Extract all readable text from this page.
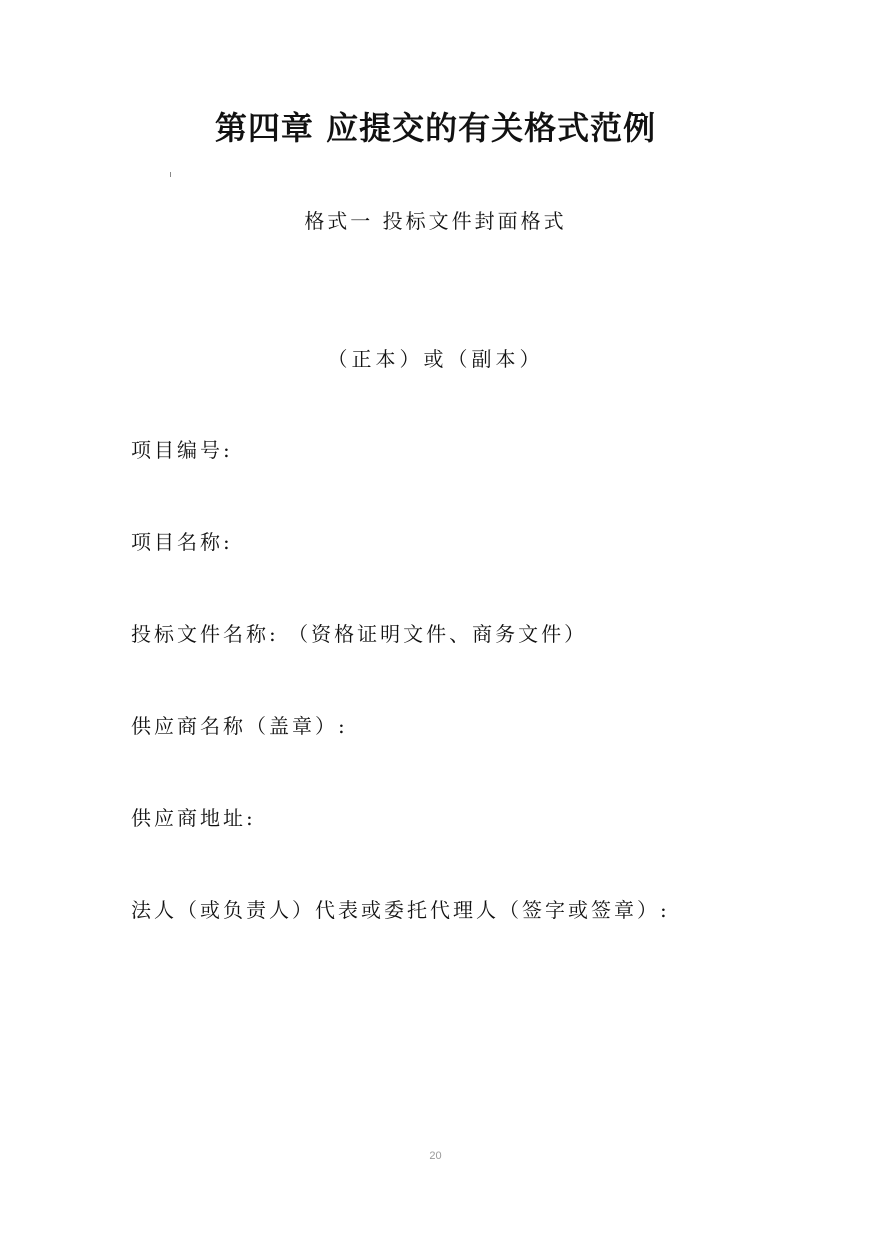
第四章 应提交的有关格式范例
格式一 投标文件封面格式
（正本）或（副本）
项目编号:
项目名称:
投标文件名称: （资格证明文件、商务文件）
供应商名称（盖章）:
供应商地址:
法人（或负责人）代表或委托代理人（签字或签章）:
20
